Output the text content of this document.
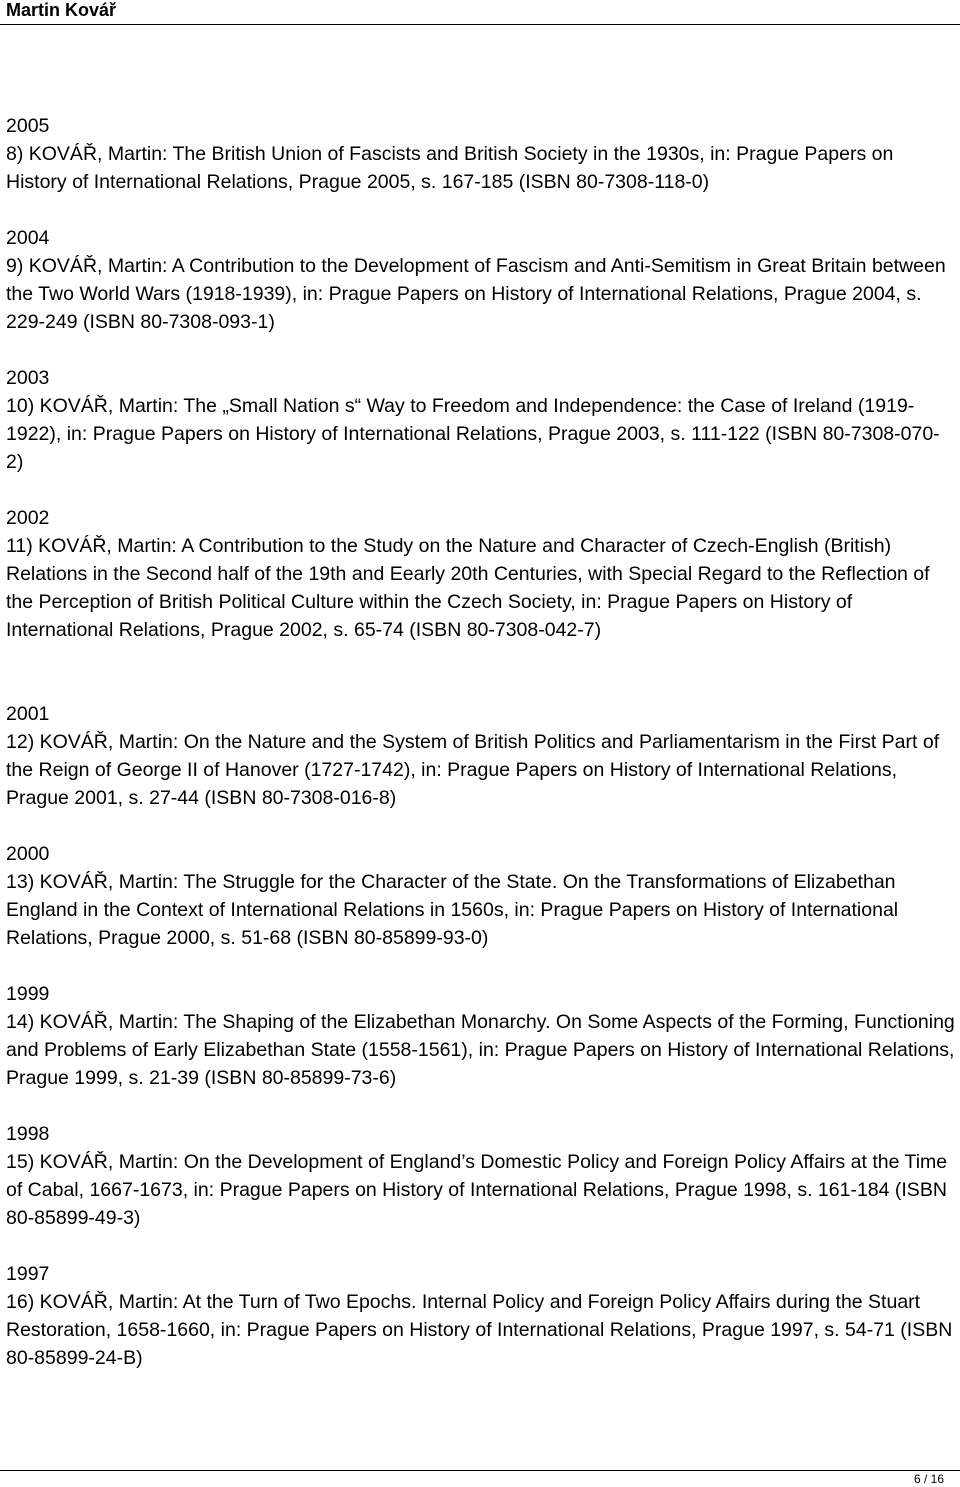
Martin Kovář
2005
8) KOVÁŘ, Martin: The British Union of Fascists and British Society in the 1930s, in: Prague Papers on History of International Relations, Prague 2005, s. 167-185 (ISBN 80-7308-118-0)
2004
9) KOVÁŘ, Martin: A Contribution to the Development of Fascism and Anti-Semitism in Great Britain between the Two World Wars (1918-1939), in: Prague Papers on History of International Relations, Prague 2004, s. 229-249 (ISBN 80-7308-093-1)
2003
10) KOVÁŘ, Martin: The „Small Nation s“ Way to Freedom and Independence: the Case of Ireland (1919-1922), in: Prague Papers on History of International Relations, Prague 2003, s. 111-122 (ISBN 80-7308-070-2)
2002
11) KOVÁŘ, Martin: A Contribution to the Study on the Nature and Character of Czech-English (British) Relations in the Second half of the 19th and Eearly 20th Centuries, with Special Regard to the Reflection of the Perception of British Political Culture within the Czech Society, in: Prague Papers on History of International Relations, Prague 2002, s. 65-74 (ISBN 80-7308-042-7)
2001
12) KOVÁŘ, Martin: On the Nature and the System of British Politics and Parliamentarism in the First Part of the Reign of George II of Hanover (1727-1742), in: Prague Papers on History of International Relations, Prague 2001, s. 27-44 (ISBN 80-7308-016-8)
2000
13) KOVÁŘ, Martin: The Struggle for the Character of the State. On the Transformations of Elizabethan England in the Context of International Relations in 1560s, in: Prague Papers on History of International Relations, Prague 2000, s. 51-68 (ISBN 80-85899-93-0)
1999
14) KOVÁŘ, Martin: The Shaping of the Elizabethan Monarchy. On Some Aspects of the Forming, Functioning and Problems of Early Elizabethan State (1558-1561), in: Prague Papers on History of International Relations, Prague 1999, s. 21-39 (ISBN 80-85899-73-6)
1998
15) KOVÁŘ, Martin: On the Development of England’s Domestic Policy and Foreign Policy Affairs at the Time of Cabal, 1667-1673, in: Prague Papers on History of International Relations, Prague 1998, s. 161-184 (ISBN 80-85899-49-3)
1997
16) KOVÁŘ, Martin: At the Turn of Two Epochs. Internal Policy and Foreign Policy Affairs during the Stuart Restoration, 1658-1660, in: Prague Papers on History of International Relations, Prague 1997, s. 54-71 (ISBN 80-85899-24-B)
6 / 16
